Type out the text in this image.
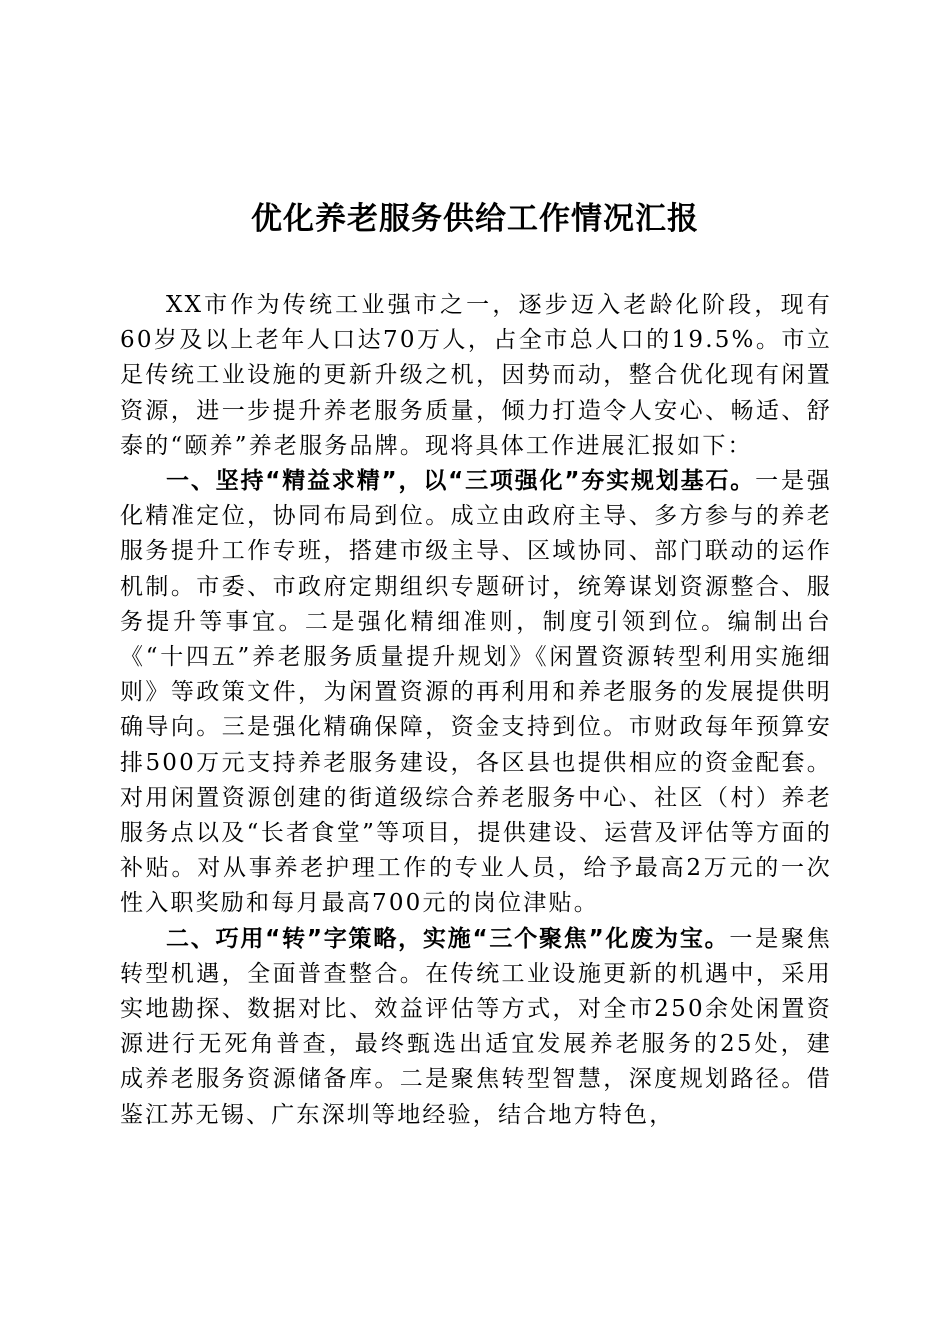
优化养老服务供给工作情况汇报

XX市作为传统工业强市之一，逐步迈入老龄化阶段，现有60岁及以上老年人口达70万人，占全市总人口的19.5%。市立足传统工业设施的更新升级之机，因势而动，整合优化现有闲置资源，进一步提升养老服务质量，倾力打造令人安心、畅适、舒泰的“颐养”养老服务品牌。现将具体工作进展汇报如下：

一、坚持“精益求精”，以“三项强化”夯实规划基石。一是强化精准定位，协同布局到位。成立由政府主导、多方参与的养老服务提升工作专班，搭建市级主导、区域协同、部门联动的运作机制。市委、市政府定期组织专题研讨，统筹谋划资源整合、服务提升等事宜。二是强化精细准则，制度引领到位。编制出台《“十四五”养老服务质量提升规划》《闲置资源转型利用实施细则》等政策文件，为闲置资源的再利用和养老服务的发展提供明确导向。三是强化精确保障，资金支持到位。市财政每年预算安排500万元支持养老服务建设，各区县也提供相应的资金配套。对用闲置资源创建的街道级综合养老服务中心、社区（村）养老服务点以及“长者食堂”等项目，提供建设、运营及评估等方面的补贴。对从事养老护理工作的专业人员，给予最高2万元的一次性入职奖励和每月最高700元的岗位津贴。

二、巧用“转”字策略，实施“三个聚焦”化废为宝。一是聚焦转型机遇，全面普查整合。在传统工业设施更新的机遇中，采用实地勘探、数据对比、效益评估等方式，对全市250余处闲置资源进行无死角普查，最终甄选出适宜发展养老服务的25处，建成养老服务资源储备库。二是聚焦转型智慧，深度规划路径。借鉴江苏无锡、广东深圳等地经验，结合地方特色，
